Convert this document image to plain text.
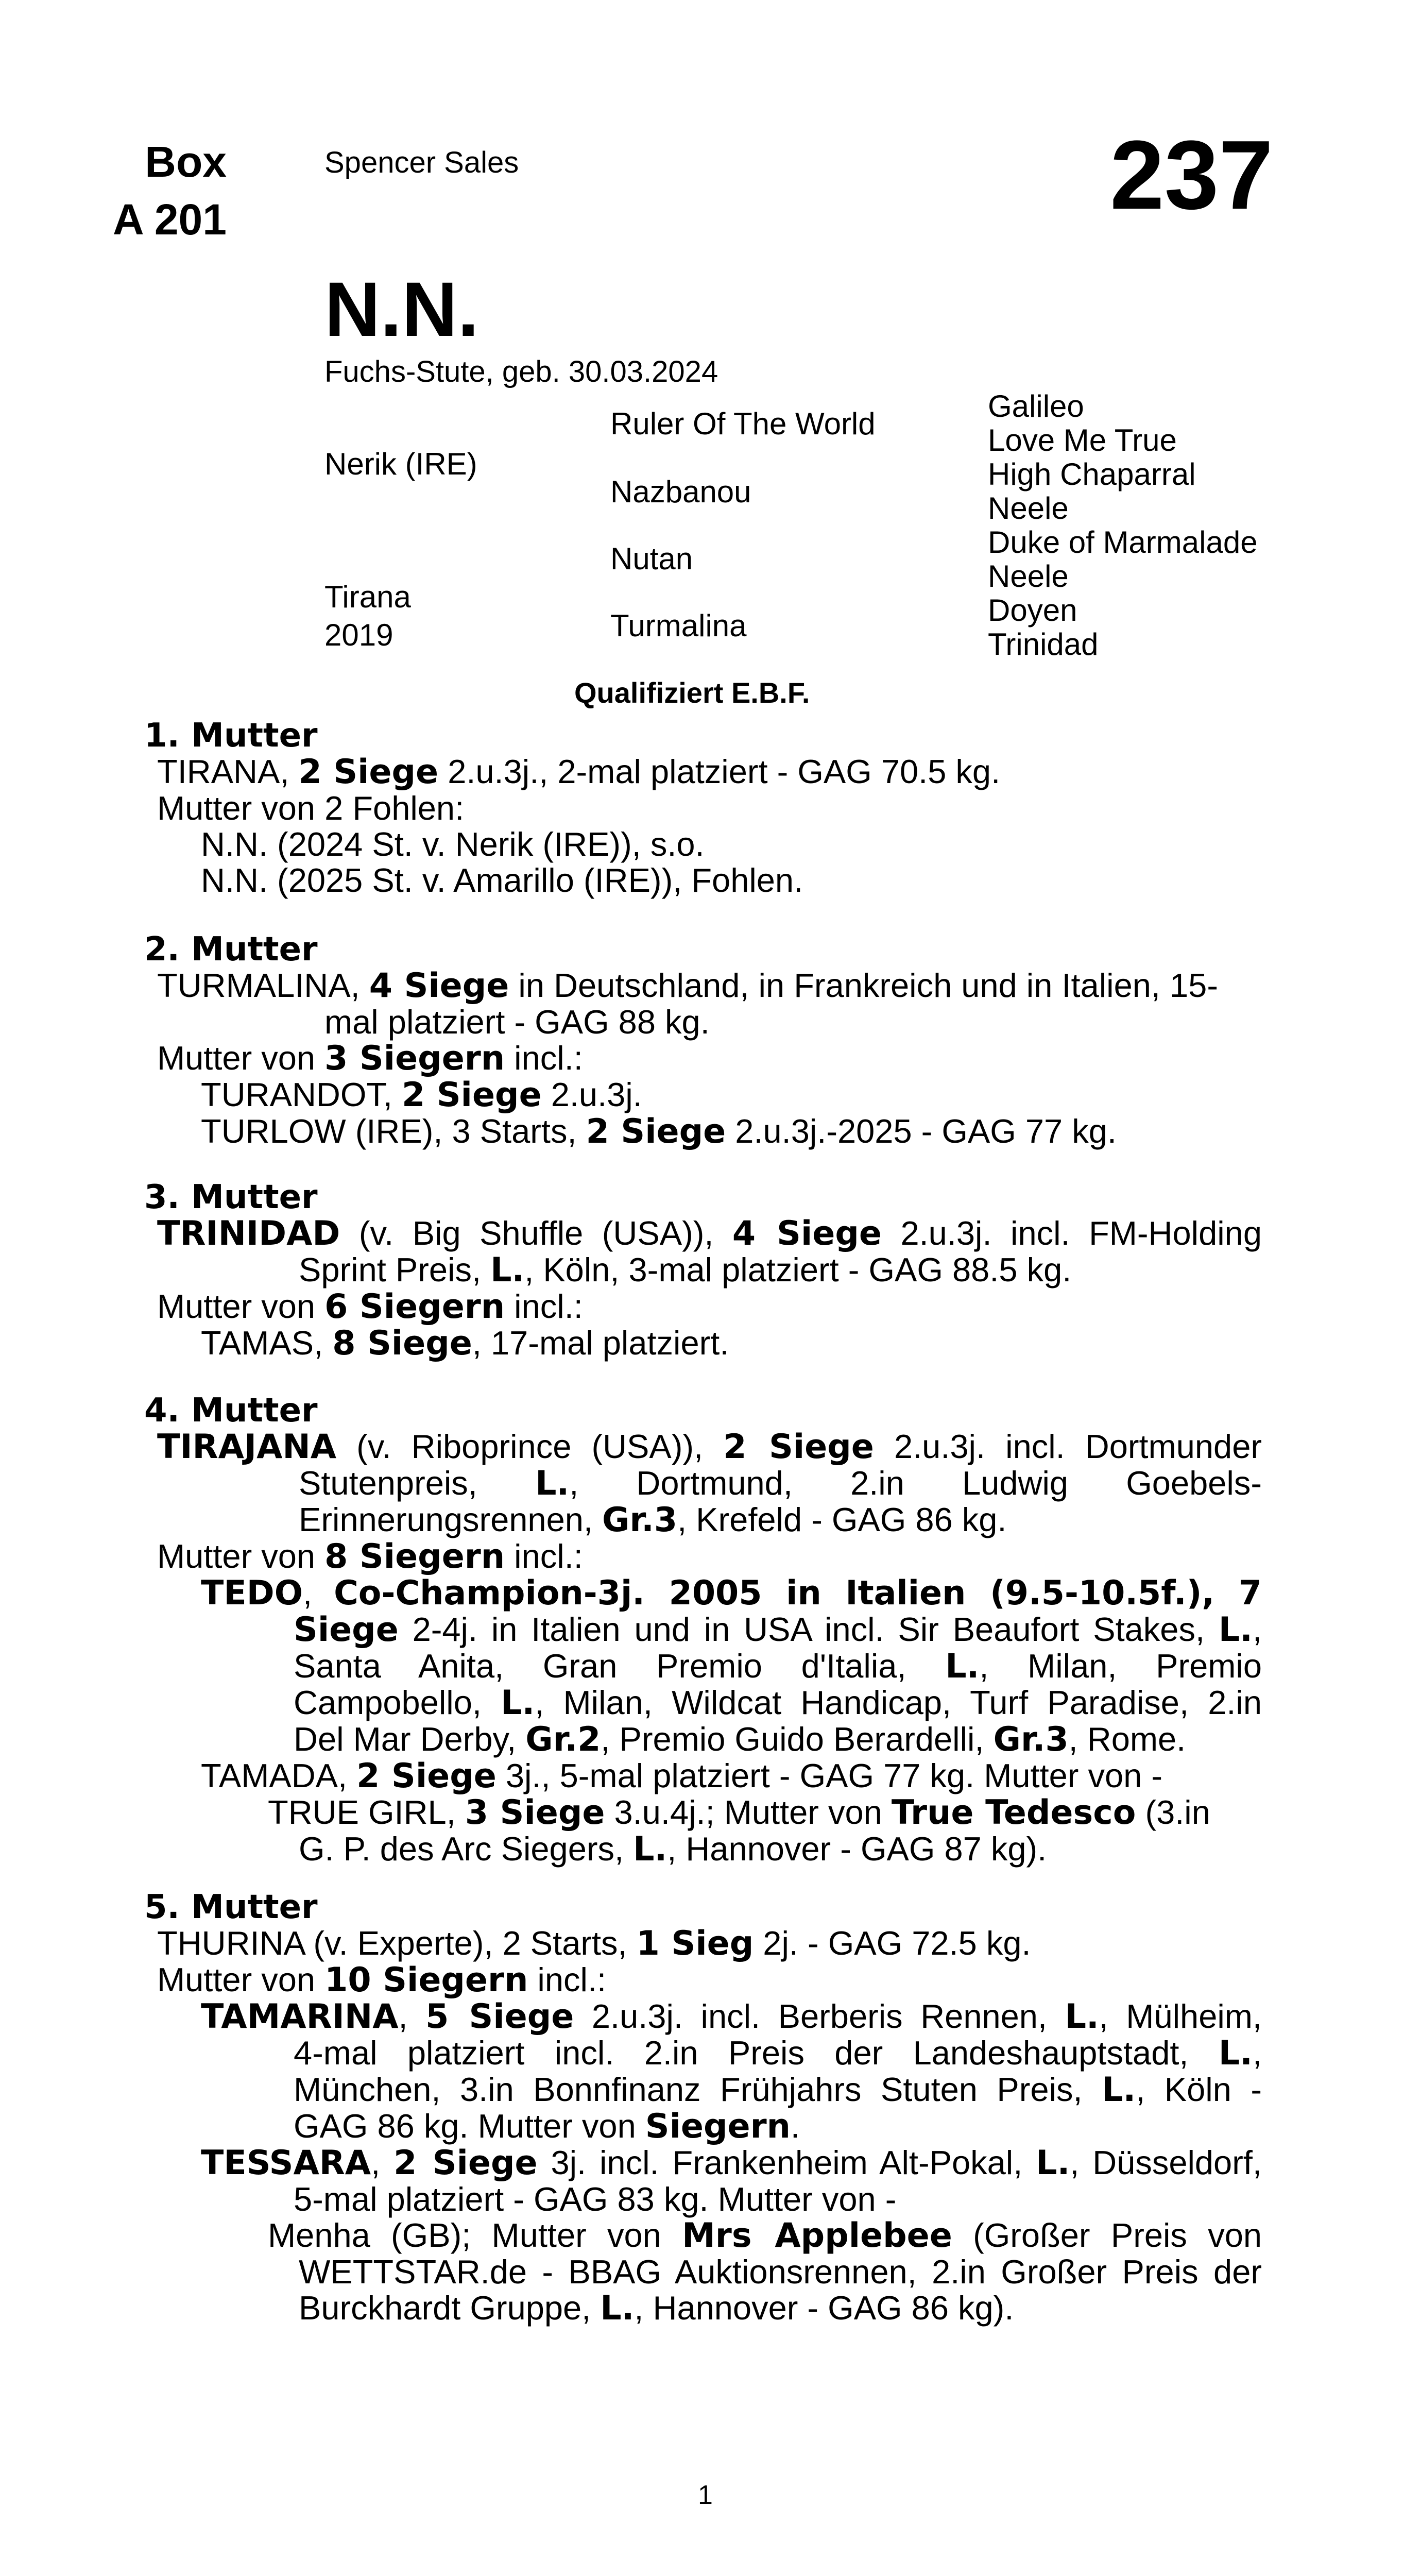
Box
A 201
Spencer Sales	237
N.N.
Fuchs-Stute, geb. 30.03.2024
Nerik (IRE)
Tirana
2019
Ruler Of The World
Nazbanou
Nutan
Turmalina
Galileo
Love Me True
High Chaparral
Neele
Duke of Marmalade
Neele
Doyen
Trinidad
Qualifiziert E.B.F.
1. Mutter
TIRANA, 2 Siege 2.u.3j., 2-mal platziert - GAG 70.5 kg.
Mutter von 2 Fohlen:
N.N. (2024 St. v. Nerik (IRE)), s.o.
N.N. (2025 St. v. Amarillo (IRE)), Fohlen.
2. Mutter
TURMALINA, 4 Siege in Deutschland, in Frankreich und in Italien, 15-
mal platziert - GAG 88 kg.
Mutter von 3 Siegern incl.:
TURANDOT, 2 Siege 2.u.3j.
TURLOW (IRE), 3 Starts, 2 Siege 2.u.3j.-2025 - GAG 77 kg.
3. Mutter
TRINIDAD (v. Big Shuffle (USA)), 4 Siege 2.u.3j. incl. FM-Holding
Sprint Preis, L., Köln, 3-mal platziert - GAG 88.5 kg.
Mutter von 6 Siegern incl.:
TAMAS, 8 Siege, 17-mal platziert.
4. Mutter
TIRAJANA (v. Riboprince (USA)), 2 Siege 2.u.3j. incl. Dortmunder
Stutenpreis, L., Dortmund, 2.in Ludwig Goebels-
Erinnerungsrennen, Gr.3, Krefeld - GAG 86 kg.
Mutter von 8 Siegern incl.:
TEDO, Co-Champion-3j. 2005 in Italien (9.5-10.5f.), 7
Siege 2-4j. in Italien und in USA incl. Sir Beaufort Stakes, L.,
Santa Anita, Gran Premio d'Italia, L., Milan, Premio
Campobello, L., Milan, Wildcat Handicap, Turf Paradise, 2.in
Del Mar Derby, Gr.2, Premio Guido Berardelli, Gr.3, Rome.
TAMADA, 2 Siege 3j., 5-mal platziert - GAG 77 kg. Mutter von -
TRUE GIRL, 3 Siege 3.u.4j.; Mutter von True Tedesco (3.in
G. P. des Arc Siegers, L., Hannover - GAG 87 kg).
5. Mutter
THURINA (v. Experte), 2 Starts, 1 Sieg 2j. - GAG 72.5 kg.
Mutter von 10 Siegern incl.:
TAMARINA, 5 Siege 2.u.3j. incl. Berberis Rennen, L., Mülheim,
4-mal platziert incl. 2.in Preis der Landeshauptstadt, L.,
München, 3.in Bonnfinanz Frühjahrs Stuten Preis, L., Köln -
GAG 86 kg. Mutter von Siegern.
TESSARA, 2 Siege 3j. incl. Frankenheim Alt-Pokal, L., Düsseldorf,
5-mal platziert - GAG 83 kg. Mutter von -
Menha (GB); Mutter von Mrs Applebee (Großer Preis von
WETTSTAR.de - BBAG Auktionsrennen, 2.in Großer Preis der
Burckhardt Gruppe, L., Hannover - GAG 86 kg).
1
